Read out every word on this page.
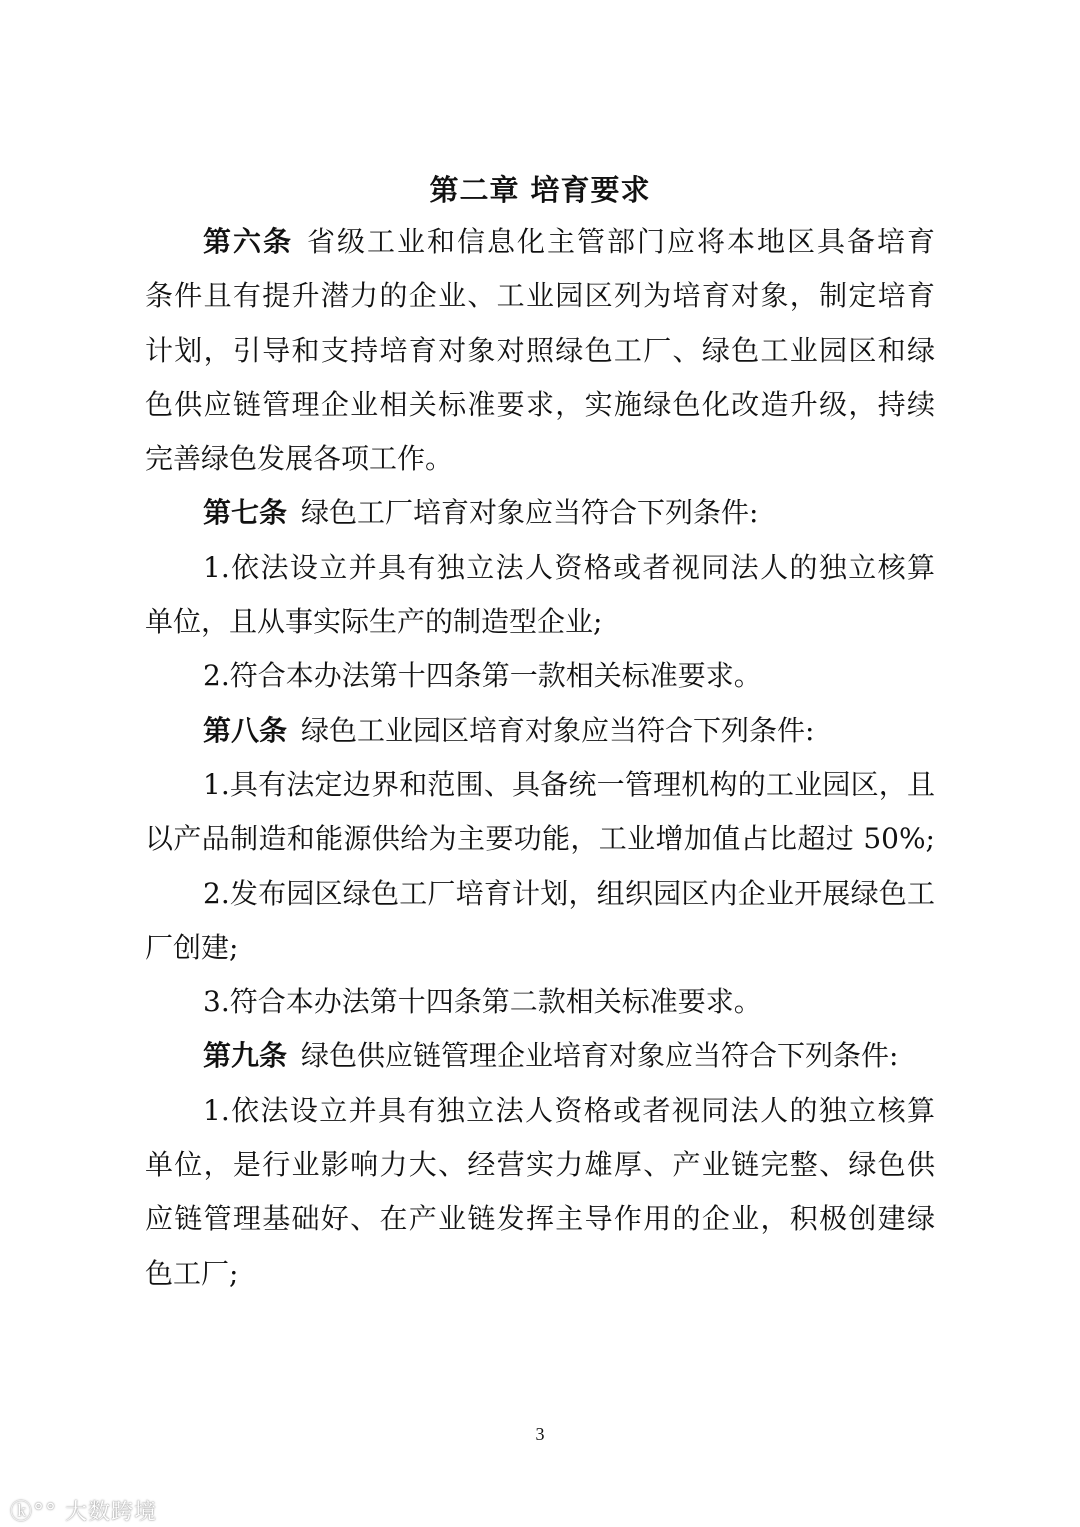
第二章 培育要求
第六条 省级工业和信息化主管部门应将本地区具备培育
条件且有提升潜力的企业、工业园区列为培育对象，制定培育
计划，引导和支持培育对象对照绿色工厂、绿色工业园区和绿
色供应链管理企业相关标准要求，实施绿色化改造升级，持续
完善绿色发展各项工作。
第七条 绿色工厂培育对象应当符合下列条件:
1.依法设立并具有独立法人资格或者视同法人的独立核算
单位，且从事实际生产的制造型企业;
2.符合本办法第十四条第一款相关标准要求。
第八条 绿色工业园区培育对象应当符合下列条件:
1.具有法定边界和范围、具备统一管理机构的工业园区，且
以产品制造和能源供给为主要功能，工业增加值占比超过 50%;
2.发布园区绿色工厂培育计划，组织园区内企业开展绿色工
厂创建;
3.符合本办法第十四条第二款相关标准要求。
第九条 绿色供应链管理企业培育对象应当符合下列条件:
1.依法设立并具有独立法人资格或者视同法人的独立核算
单位，是行业影响力大、经营实力雄厚、产业链完整、绿色供
应链管理基础好、在产业链发挥主导作用的企业，积极创建绿
色工厂;
3
ⓚ°° 大数跨境
